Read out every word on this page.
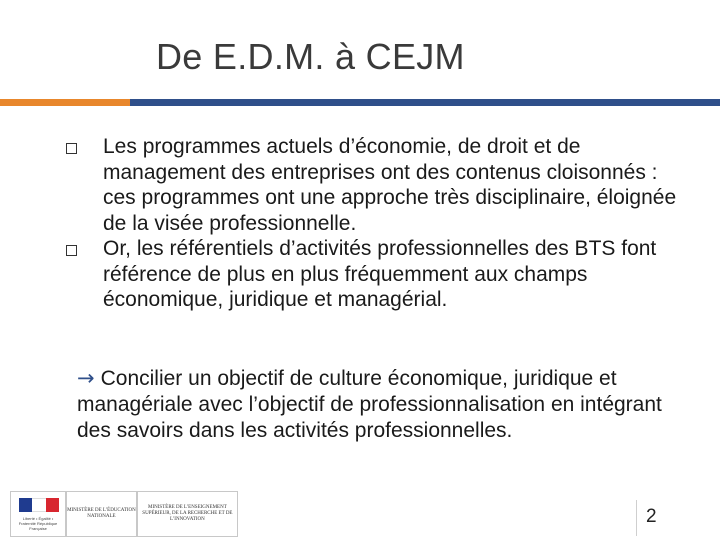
De E.D.M. à CEJM
Les programmes actuels d’économie, de droit et de management des entreprises ont des contenus cloisonnés : ces programmes ont une approche très disciplinaire, éloignée de la visée professionnelle.
Or, les référentiels d’activités professionnelles des BTS font référence de plus en plus fréquemment aux champs économique, juridique et managérial.
→ Concilier un objectif de culture économique, juridique et managériale avec l’objectif de professionnalisation en intégrant des savoirs dans les activités professionnelles.
Liberté • Égalité • Fraternité République Française
MINISTÈRE DE L’ÉDUCATION NATIONALE
MINISTÈRE DE L’ENSEIGNEMENT SUPÉRIEUR, DE LA RECHERCHE ET DE L’INNOVATION	2
